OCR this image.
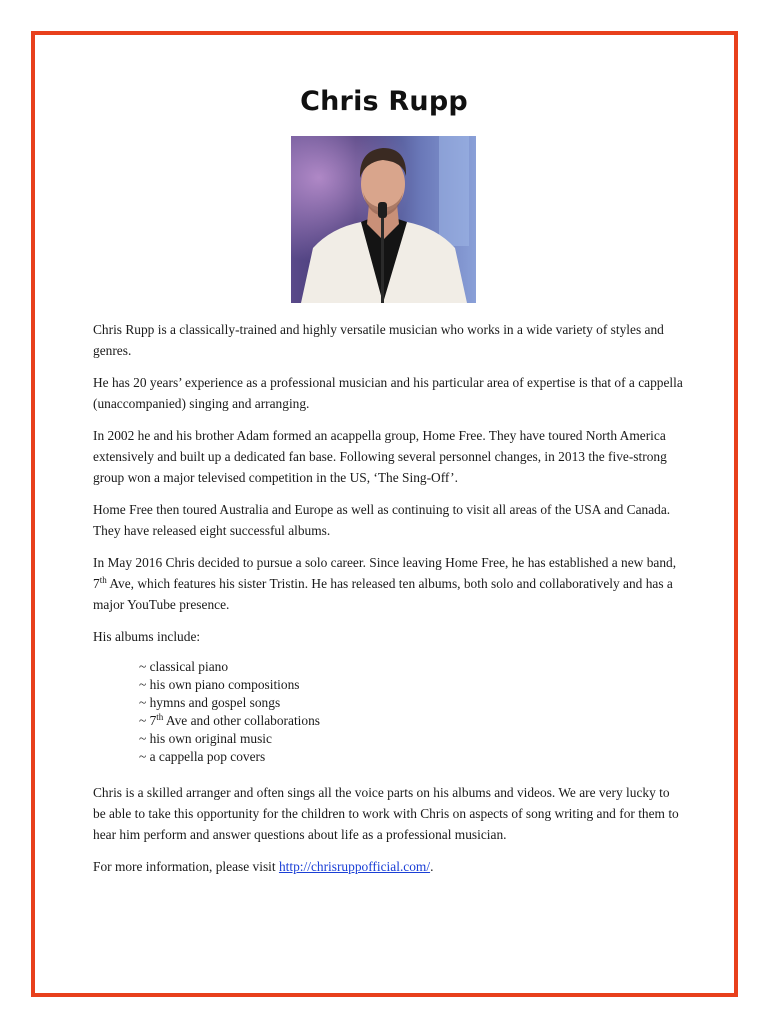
Chris Rupp

Chris Rupp is a classically-trained and highly versatile musician who works in a wide variety of styles and genres.

He has 20 years’ experience as a professional musician and his particular area of expertise is that of a cappella (unaccompanied) singing and arranging.

In 2002 he and his brother Adam formed an acappella group, Home Free. They have toured North America extensively and built up a dedicated fan base. Following several personnel changes, in 2013 the five-strong group won a major televised competition in the US, ‘The Sing-Off’.

Home Free then toured Australia and Europe as well as continuing to visit all areas of the USA and Canada. They have released eight successful albums.

In May 2016 Chris decided to pursue a solo career. Since leaving Home Free, he has established a new band, 7th Ave, which features his sister Tristin. He has released ten albums, both solo and collaboratively and has a major YouTube presence.

His albums include:

~ classical piano
~ his own piano compositions
~ hymns and gospel songs
~ 7th Ave and other collaborations
~ his own original music
~ a cappella pop covers

Chris is a skilled arranger and often sings all the voice parts on his albums and videos. We are very lucky to be able to take this opportunity for the children to work with Chris on aspects of song writing and for them to hear him perform and answer questions about life as a professional musician.

For more information, please visit http://chrisruppofficial.com/.
